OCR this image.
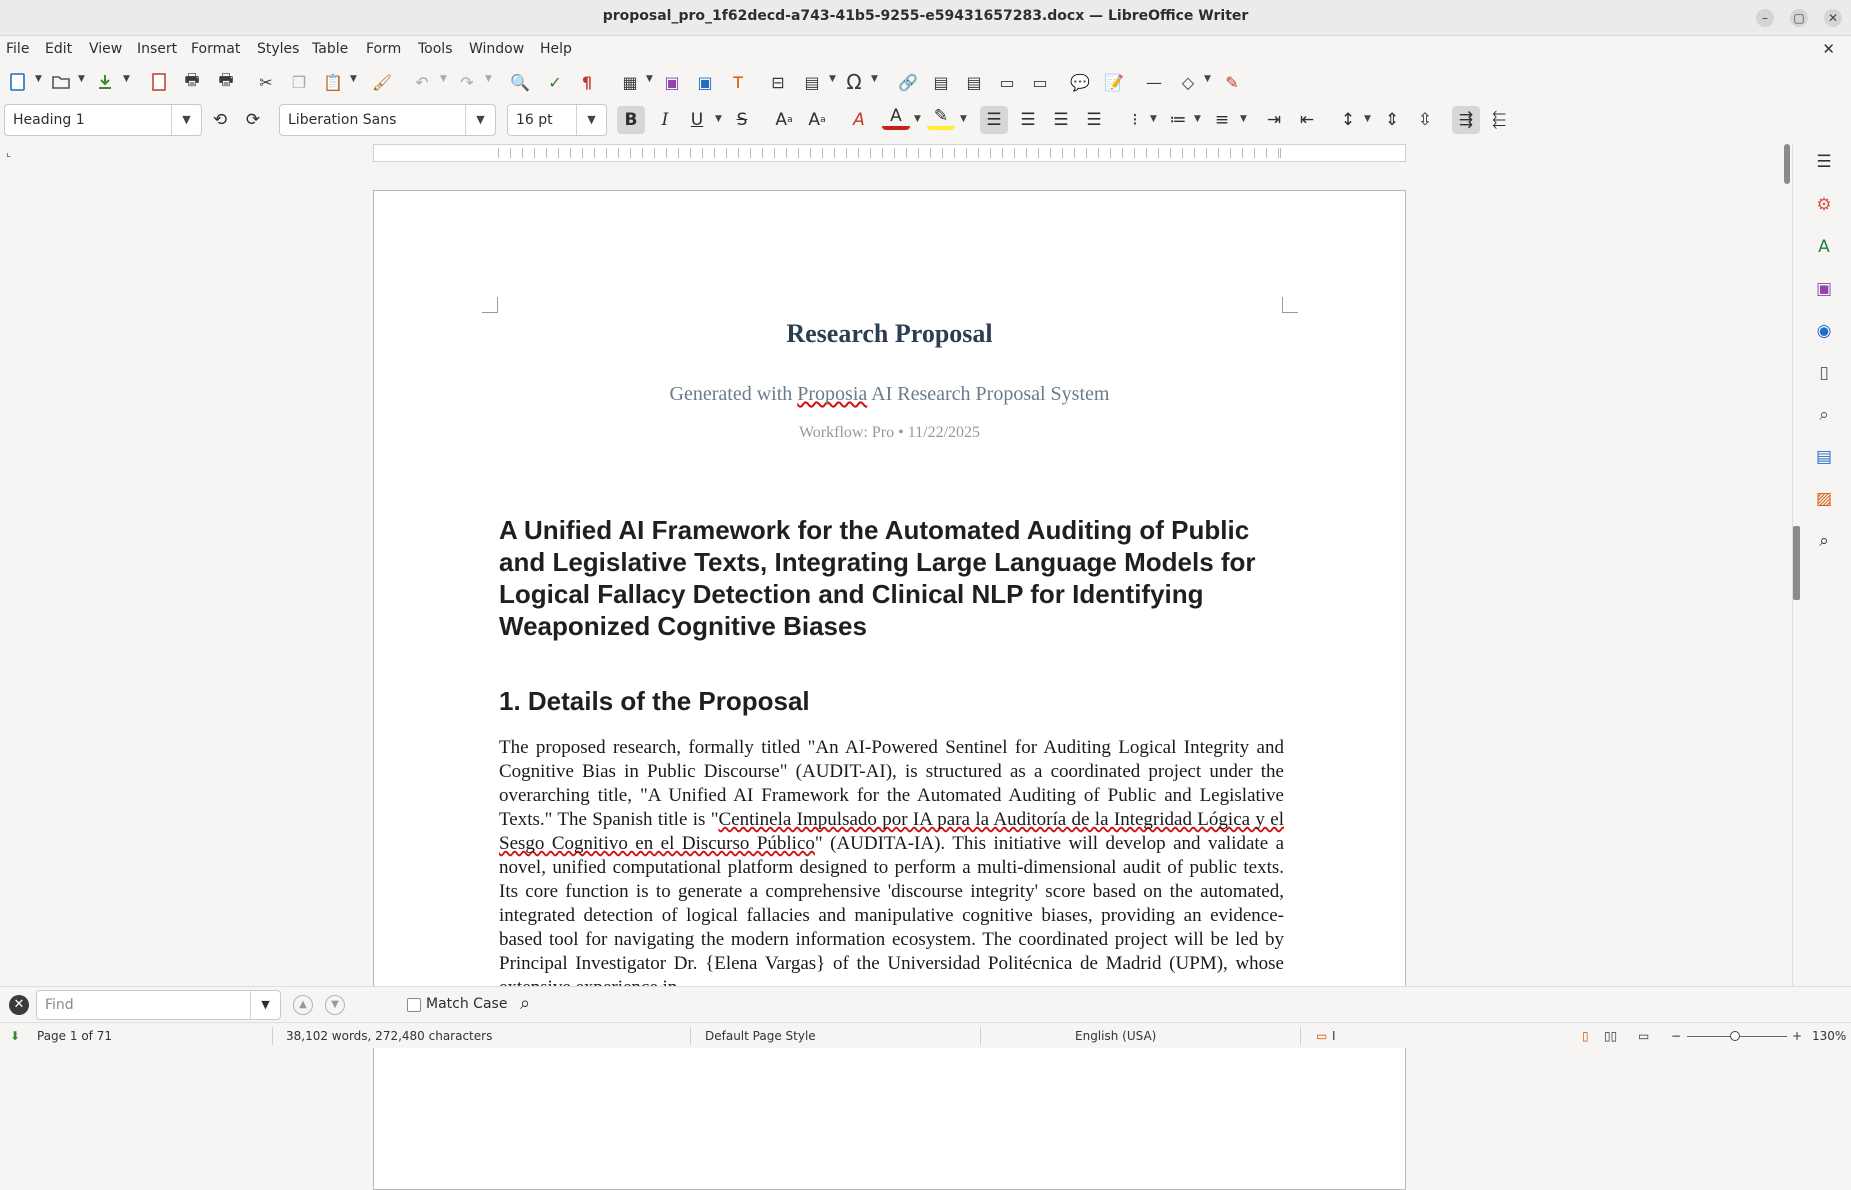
proposal_pro_1f62decd-a743-41b5-9255-e59431657283.docx — LibreOffice Writer	–	▢	✕
File Edit View Insert Format Styles Table Form Tools Window Help	✕
▼	▼	▼	🖶 🖶	✂	❐	📋 ▼ 🖌	↶	▼ ↷	▼ 🔍	✓	¶	▦ ▼ ▣ ▣	T	⊟	▤	▼ Ω	▼ 🔗 ▤ ▤ ▭ ▭ 💬 📝 —	◇	▼ ✎
Heading 1	▼	⟲	⟳	Liberation Sans	▼	16 pt	▼	B	I	U	▼ S	A a A a	A	A	▼ ✎	▼	☰	☰	☰	☰	⁝	▼ ≔ ▼ ≡	▼	⇥	⇤	↕ ▼ ⇕	⇳	⇶	⬱
⌞
Research Proposal
Generated with Proposia AI Research Proposal System
Workflow: Pro • 11/22/2025
A Unified AI Framework for the Automated Auditing of Public and Legislative Texts, Integrating Large Language Models for Logical Fallacy Detection and Clinical NLP for Identifying Weaponized Cognitive Biases
1. Details of the Proposal
The proposed research, formally titled "An AI-Powered Sentinel for Auditing Logical Integrity and Cognitive Bias in Public Discourse" (AUDIT-AI), is structured as a coordinated project under the overarching title, "A Unified AI Framework for the Automated Auditing of Public and Legislative Texts." The Spanish title is "Centinela Impulsado por IA para la Auditoría de la Integridad Lógica y el Sesgo Cognitivo en el Discurso Público" (AUDITA-IA). This initiative will develop and validate a novel, unified computational platform designed to perform a multi-dimensional audit of public texts. Its core function is to generate a comprehensive 'discourse integrity' score based on the automated, integrated detection of logical fallacies and manipulative cognitive biases, providing an evidence-based tool for navigating the modern information ecosystem. The coordinated project will be led by Principal Investigator Dr. {Elena Vargas} of the Universidad Politécnica de Madrid (UPM), whose
☰
⚙
A
▣
◉
▯
⌕
▤
▨
⌕
✕	Find	▼	▲	▼	Match Case ⌕
⬇ Page 1 of 71	38,102 words, 272,480 characters	Default Page Style	English (USA)	▭ I	▯ ▯▯ ▭ −	+ 130%
